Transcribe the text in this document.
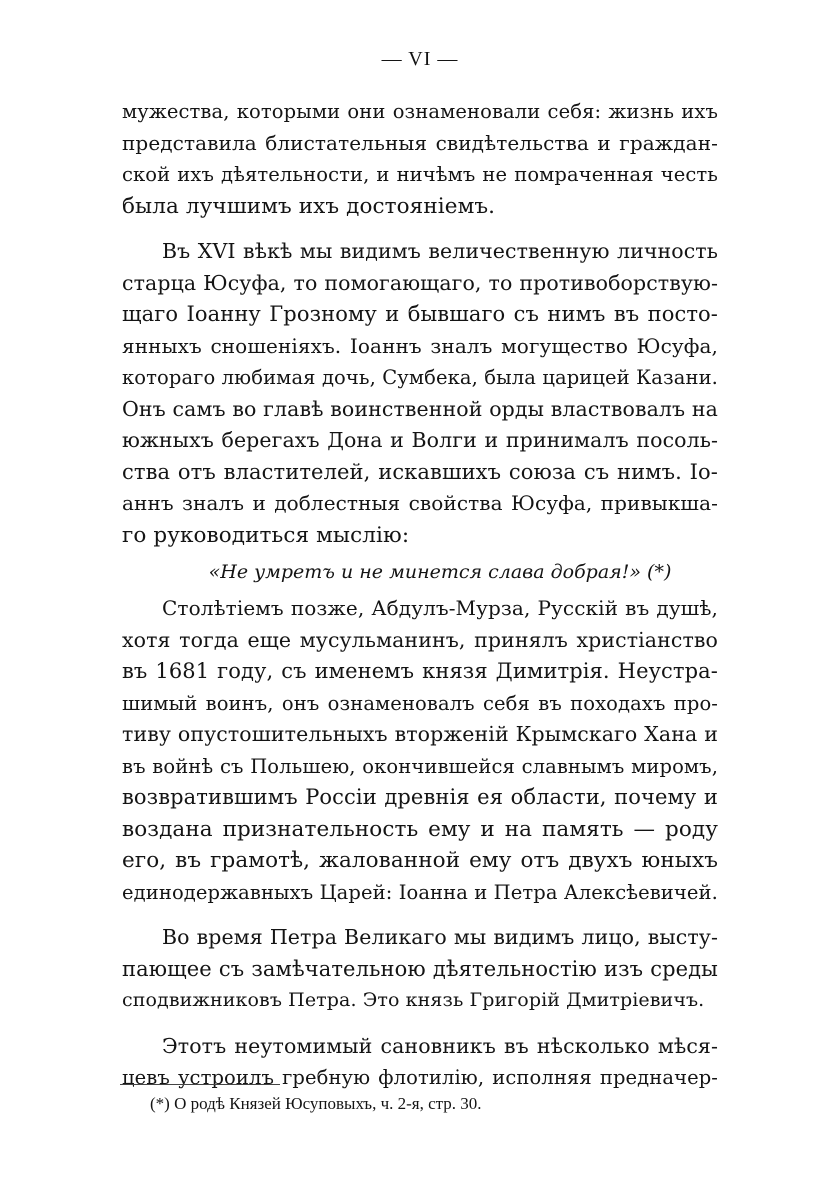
— VI —
мужества, которыми они ознаменовали себя: жизнь ихъ
представила блистательныя свидѣтельства и граждан-
ской ихъ дѣятельности, и ничѣмъ не помраченная честь
была лучшимъ ихъ достояніемъ.
Въ XVI вѣкѣ мы видимъ величественную личность
старца Юсуфа, то помогающаго, то противоборствую-
щаго Іоанну Грозному и бывшаго съ нимъ въ посто-
янныхъ сношеніяхъ. Іоаннъ зналъ могущество Юсуфа,
котораго любимая дочь, Сумбека, была царицей Казани.
Онъ самъ во главѣ воинственной орды властвовалъ на
южныхъ берегахъ Дона и Волги и принималъ посоль-
ства отъ властителей, искавшихъ союза съ нимъ. Іо-
аннъ зналъ и доблестныя свойства Юсуфа, привыкша-
го руководиться мыслію:
«Не умретъ и не минется слава добрая!» (*)
Столѣтіемъ позже, Абдулъ-Мурза, Русскій въ душѣ,
хотя тогда еще мусульманинъ, принялъ христіанство
въ 1681 году, съ именемъ князя Димитрія. Неустра-
шимый воинъ, онъ ознаменовалъ себя въ походахъ про-
тиву опустошительныхъ вторженій Крымскаго Хана и
въ войнѣ съ Польшею, окончившейся славнымъ миромъ,
возвратившимъ Россіи древнія ея области, почему и
воздана признательность ему и на память — роду
его, въ грамотѣ, жалованной ему отъ двухъ юныхъ
единодержавныхъ Царей: Іоанна и Петра Алексѣевичей.
Во время Петра Великаго мы видимъ лицо, высту-
пающее съ замѣчательною дѣятельностію изъ среды
сподвижниковъ Петра. Это князь Григорій Дмитріевичъ.
Этотъ неутомимый сановникъ въ нѣсколько мѣся-
цевъ устроилъ гребную флотилію, исполняя предначер-
(*) О родѣ Князей Юсуповыхъ, ч. 2-я, стр. 30.
